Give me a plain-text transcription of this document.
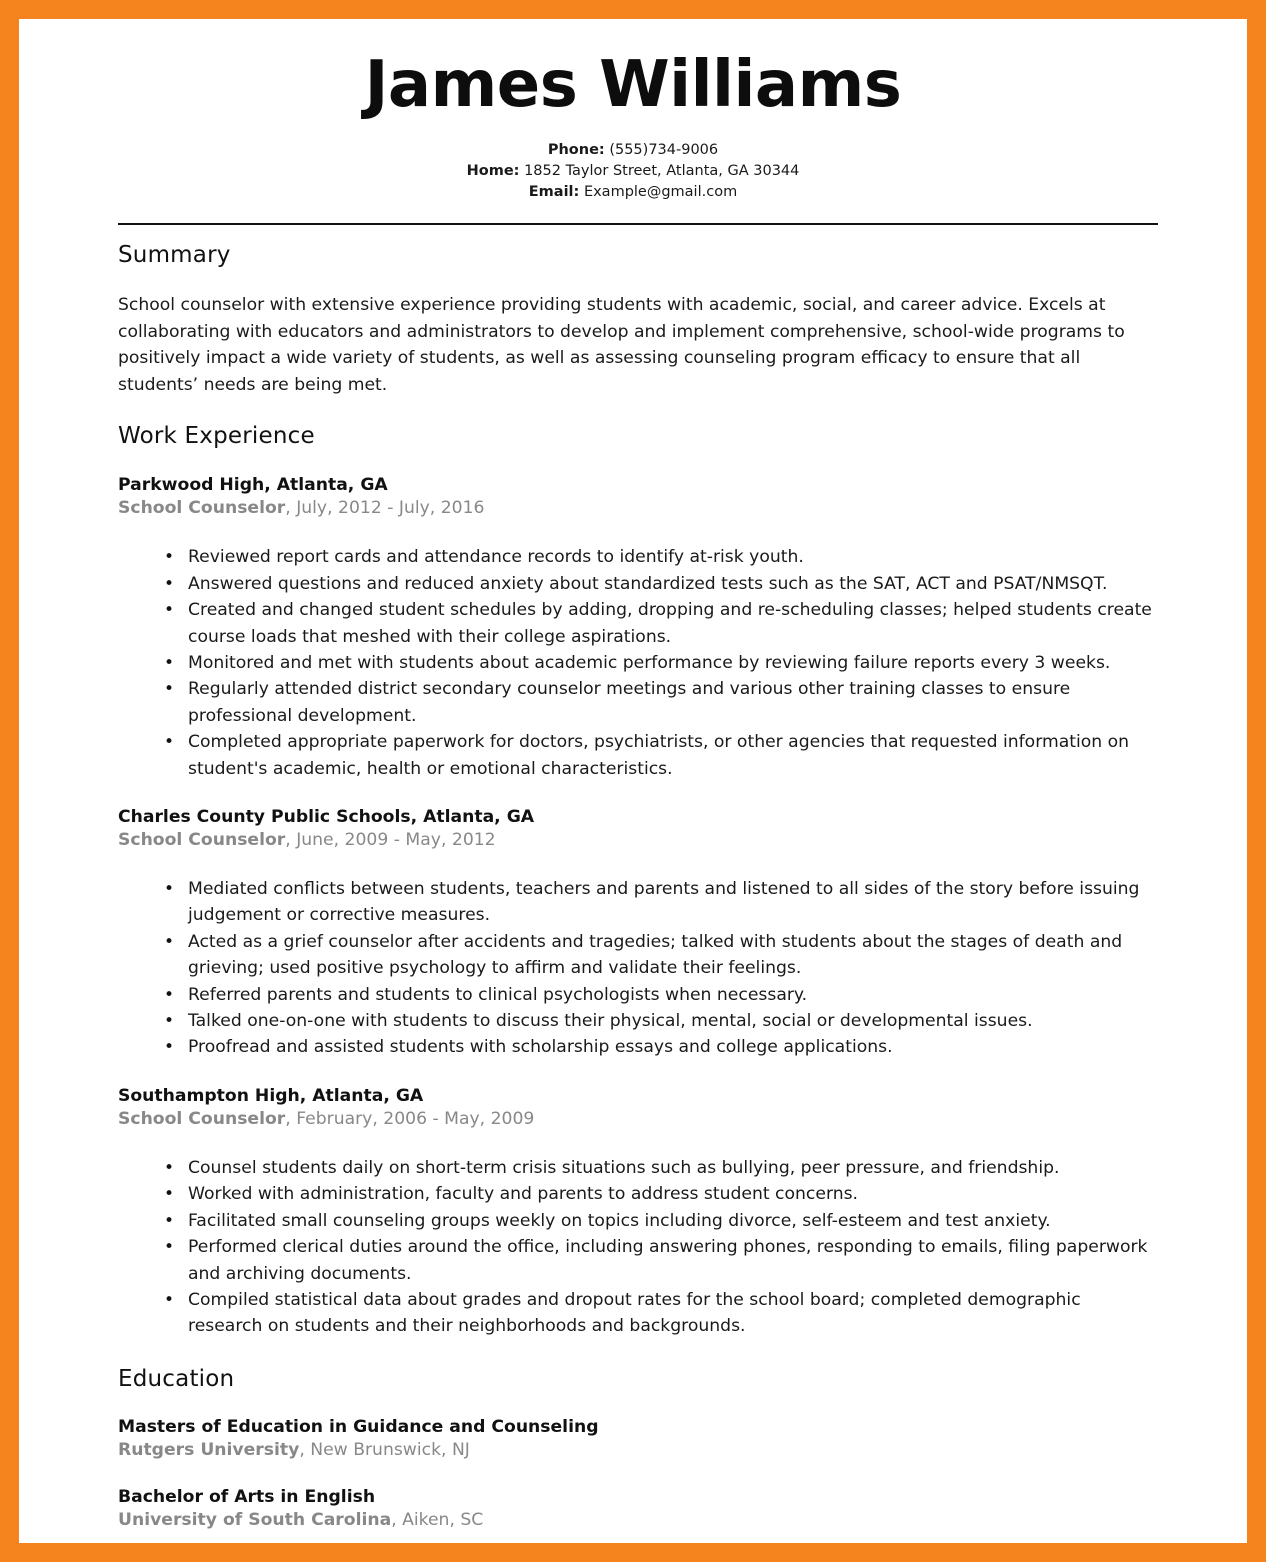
James Williams
Phone: (555)734-9006
Home: 1852 Taylor Street, Atlanta, GA 30344
Email: Example@gmail.com
Summary

School counselor with extensive experience providing students with academic, social, and career advice. Excels at collaborating with educators and administrators to develop and implement comprehensive, school-wide programs to positively impact a wide variety of students, as well as assessing counseling program efficacy to ensure that all students’ needs are being met.

Work Experience
Parkwood High, Atlanta, GA
School Counselor, July, 2012 - July, 2016
• Reviewed report cards and attendance records to identify at-risk youth.
• Answered questions and reduced anxiety about standardized tests such as the SAT, ACT and PSAT/NMSQT.
• Created and changed student schedules by adding, dropping and re-scheduling classes; helped students create course loads that meshed with their college aspirations.
• Monitored and met with students about academic performance by reviewing failure reports every 3 weeks.
• Regularly attended district secondary counselor meetings and various other training classes to ensure professional development.
• Completed appropriate paperwork for doctors, psychiatrists, or other agencies that requested information on student's academic, health or emotional characteristics.
Charles County Public Schools, Atlanta, GA
School Counselor, June, 2009 - May, 2012
• Mediated conflicts between students, teachers and parents and listened to all sides of the story before issuing judgement or corrective measures.
• Acted as a grief counselor after accidents and tragedies; talked with students about the stages of death and grieving; used positive psychology to affirm and validate their feelings.
• Referred parents and students to clinical psychologists when necessary.
• Talked one-on-one with students to discuss their physical, mental, social or developmental issues.
• Proofread and assisted students with scholarship essays and college applications.
Southampton High, Atlanta, GA
School Counselor, February, 2006 - May, 2009
• Counsel students daily on short-term crisis situations such as bullying, peer pressure, and friendship.
• Worked with administration, faculty and parents to address student concerns.
• Facilitated small counseling groups weekly on topics including divorce, self-esteem and test anxiety.
• Performed clerical duties around the office, including answering phones, responding to emails, filing paperwork and archiving documents.
• Compiled statistical data about grades and dropout rates for the school board; completed demographic research on students and their neighborhoods and backgrounds.
Education
Masters of Education in Guidance and Counseling
Rutgers University, New Brunswick, NJ
Bachelor of Arts in English
University of South Carolina, Aiken, SC
